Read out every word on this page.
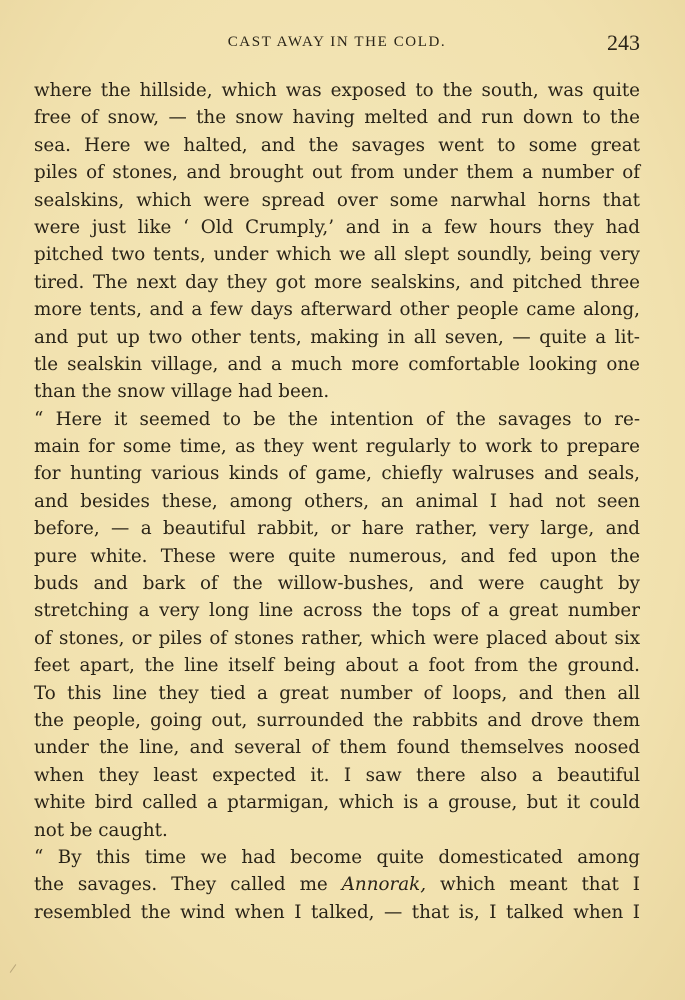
CAST AWAY IN THE COLD.	243
where the hillside, which was exposed to the south, was quite
free of snow, — the snow having melted and run down to the
sea. Here we halted, and the savages went to some great
piles of stones, and brought out from under them a number of
sealskins, which were spread over some narwhal horns that
were just like ‘ Old Crumply,’ and in a few hours they had
pitched two tents, under which we all slept soundly, being very
tired. The next day they got more sealskins, and pitched three
more tents, and a few days afterward other people came along,
and put up two other tents, making in all seven, — quite a lit-
tle sealskin village, and a much more comfortable looking one
than the snow village had been.
“ Here it seemed to be the intention of the savages to re-
main for some time, as they went regularly to work to prepare
for hunting various kinds of game, chiefly walruses and seals,
and besides these, among others, an animal I had not seen
before, — a beautiful rabbit, or hare rather, very large, and
pure white. These were quite numerous, and fed upon the
buds and bark of the willow-bushes, and were caught by
stretching a very long line across the tops of a great number
of stones, or piles of stones rather, which were placed about six
feet apart, the line itself being about a foot from the ground.
To this line they tied a great number of loops, and then all
the people, going out, surrounded the rabbits and drove them
under the line, and several of them found themselves noosed
when they least expected it. I saw there also a beautiful
white bird called a ptarmigan, which is a grouse, but it could
not be caught.
“ By this time we had become quite domesticated among
the savages. They called me Annorak, which meant that I
resembled the wind when I talked, — that is, I talked when I
